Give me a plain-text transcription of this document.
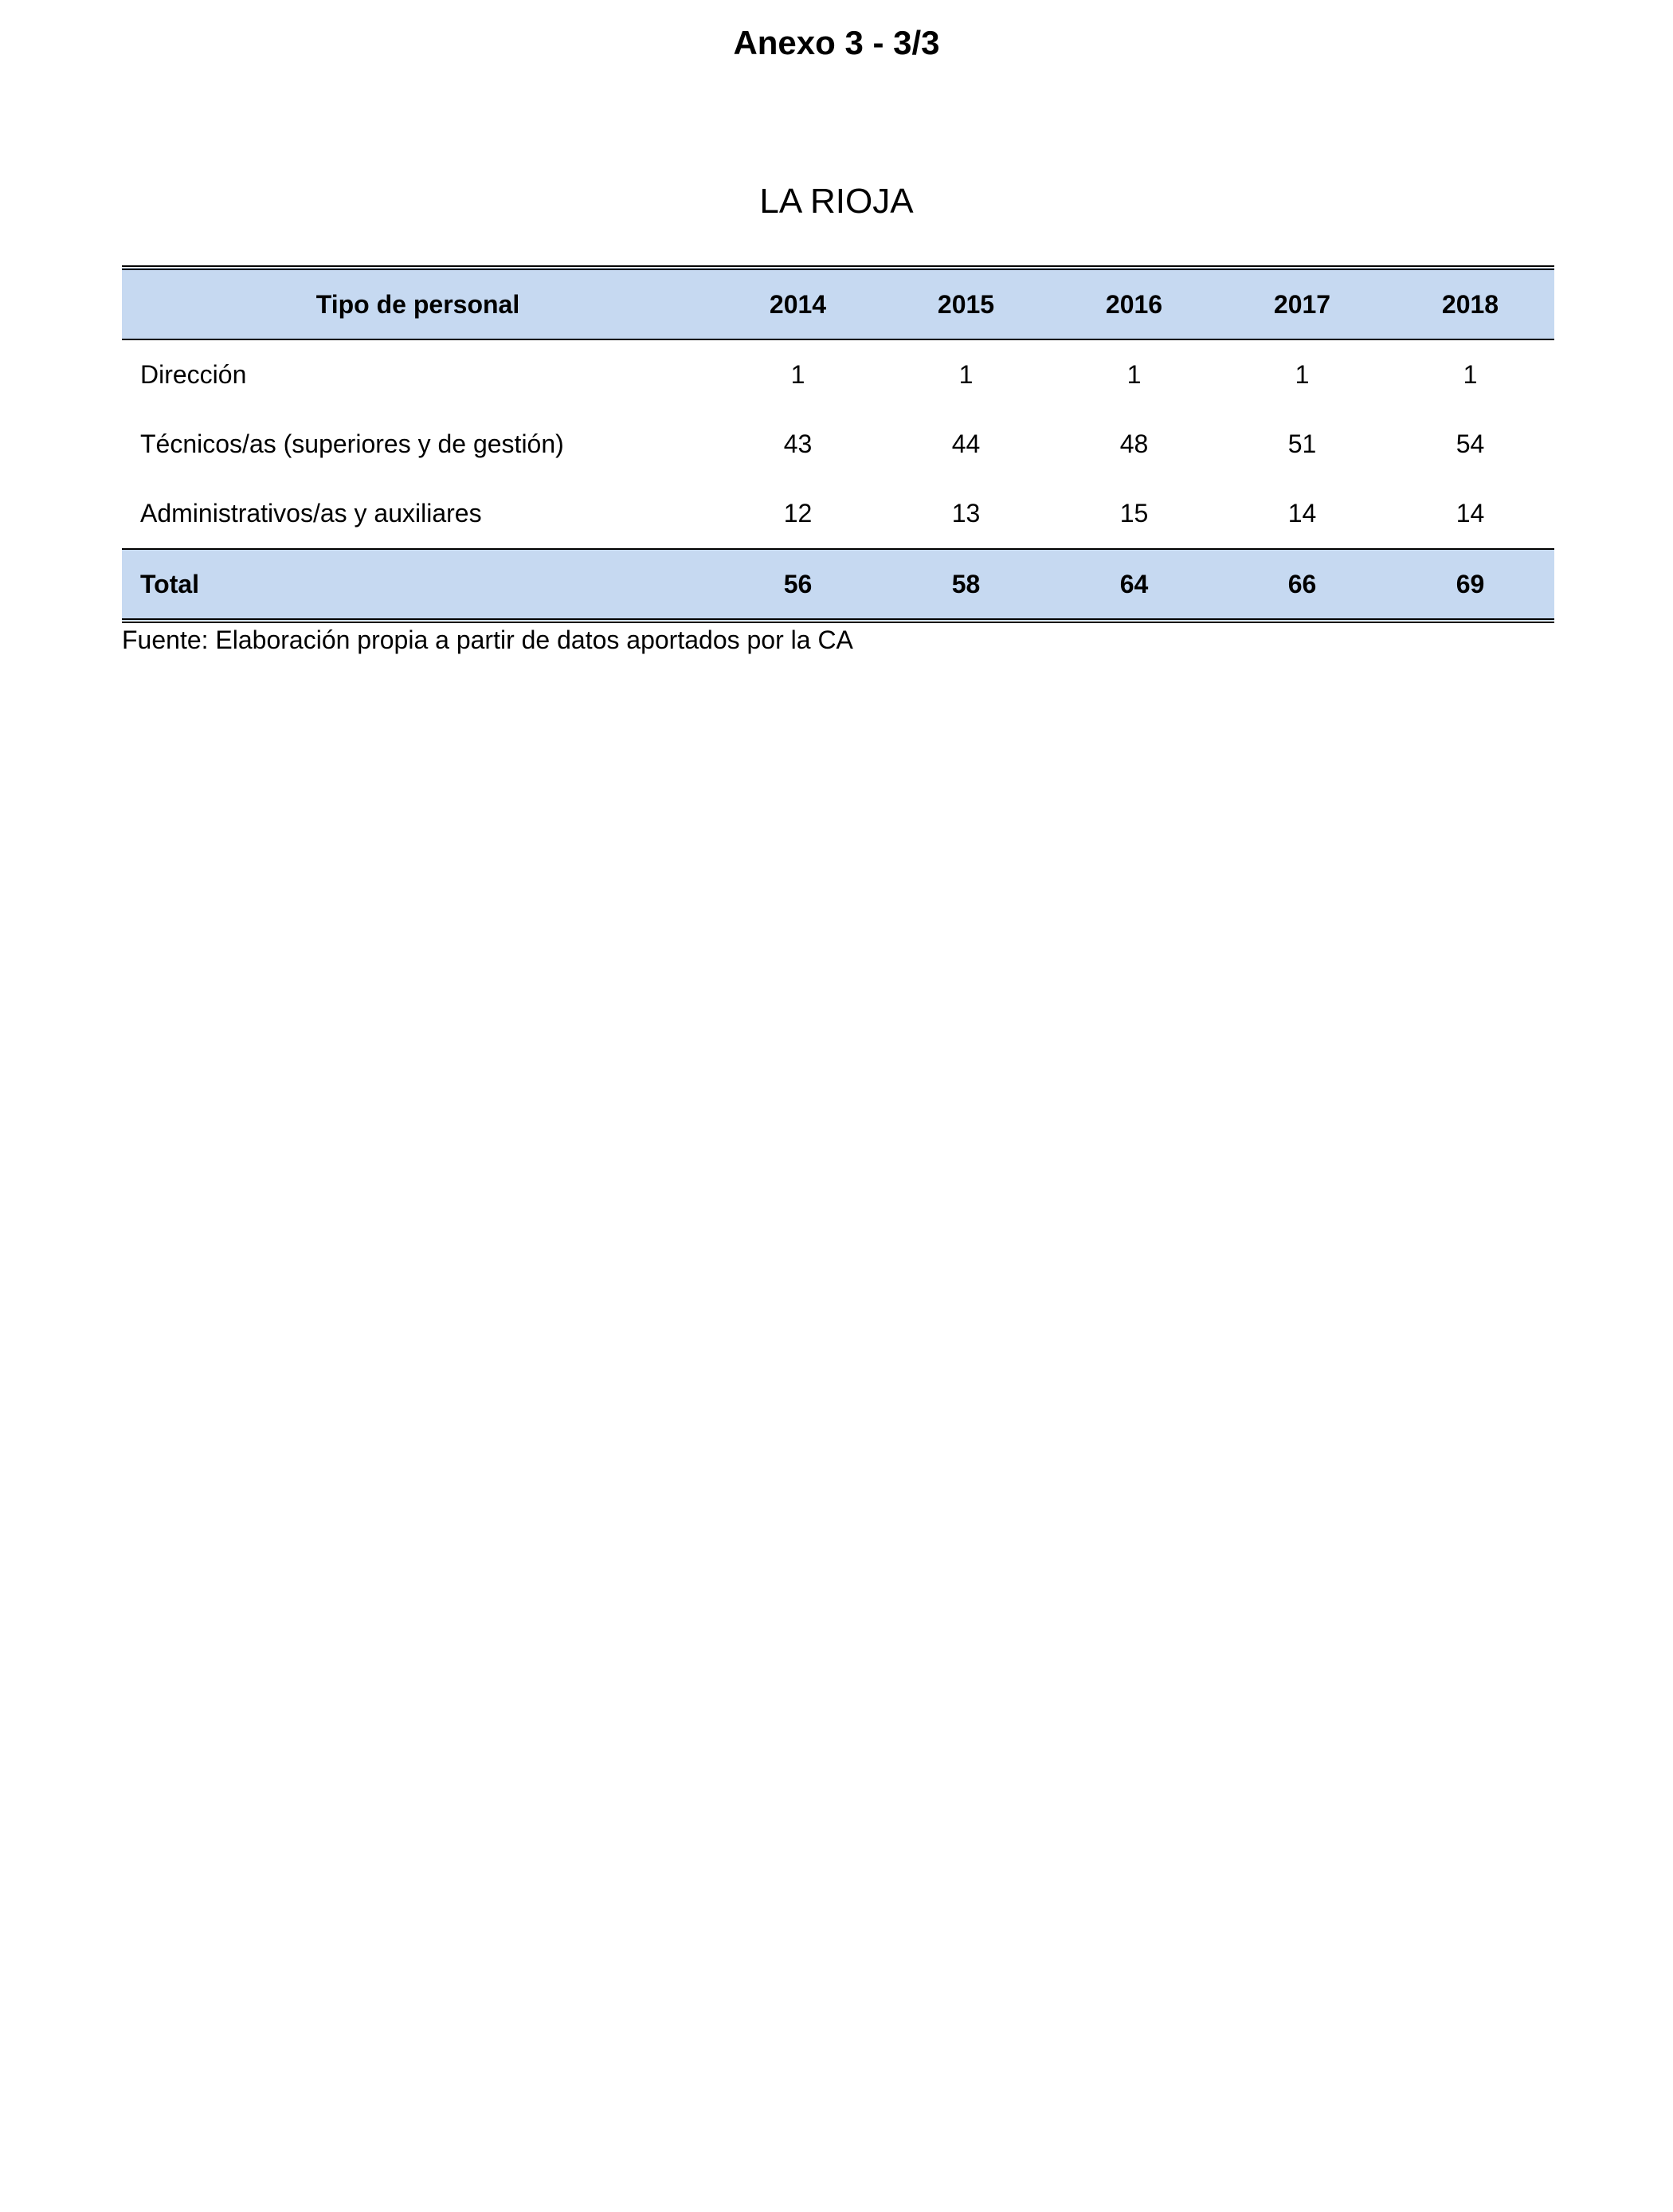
Anexo 3 - 3/3
LA RIOJA
Tipo de personal	2014	2015	2016	2017	2018
Dirección	1	1	1	1	1
Técnicos/as (superiores y de gestión)	43	44	48	51	54
Administrativos/as y auxiliares	12	13	15	14	14
Total	56	58	64	66	69
Fuente: Elaboración propia a partir de datos aportados por la CA
